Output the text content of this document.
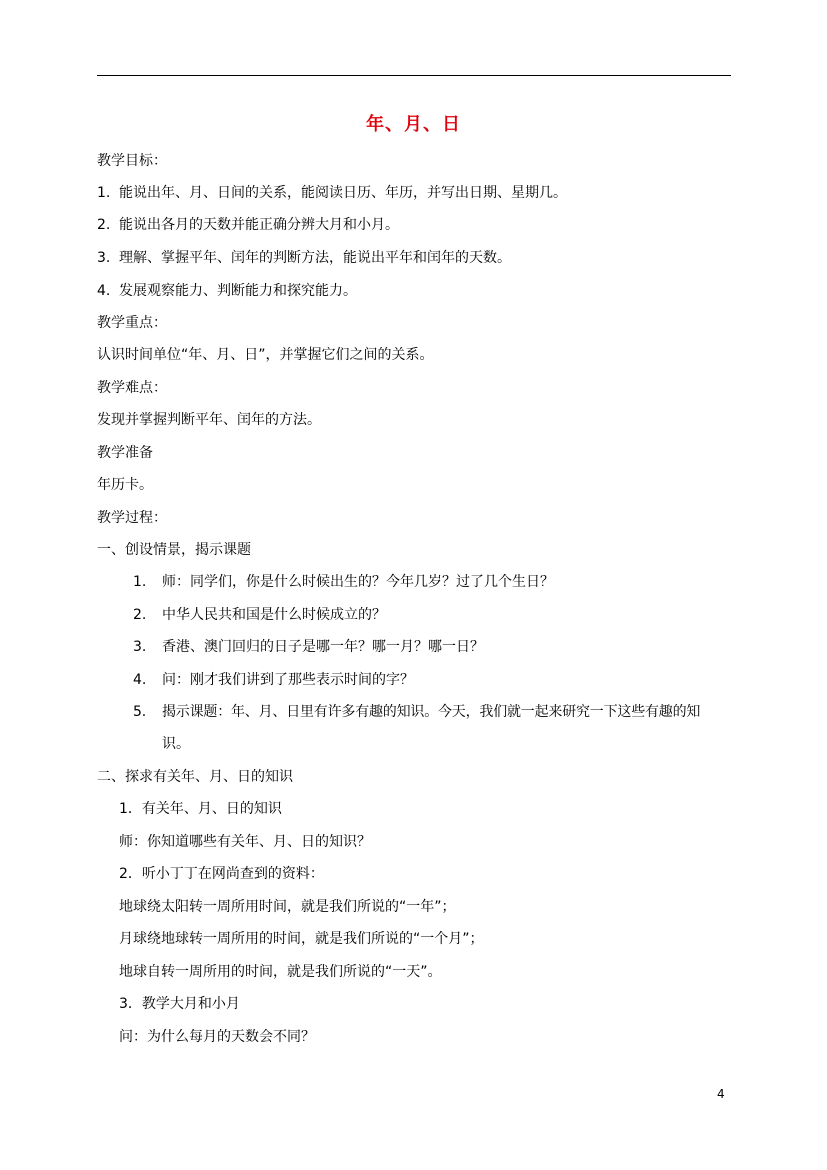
年、月、日
教学目标：
1. 能说出年、月、日间的关系，能阅读日历、年历，并写出日期、星期几。
2. 能说出各月的天数并能正确分辨大月和小月。
3. 理解、掌握平年、闰年的判断方法，能说出平年和闰年的天数。
4. 发展观察能力、判断能力和探究能力。
教学重点：
认识时间单位“年、月、日”，并掌握它们之间的关系。
教学难点：
发现并掌握判断平年、闰年的方法。
教学准备
年历卡。
教学过程：
一、创设情景，揭示课题
1. 师：同学们，你是什么时候出生的？今年几岁？过了几个生日？
2. 中华人民共和国是什么时候成立的？
3. 香港、澳门回归的日子是哪一年？哪一月？哪一日？
4. 问：刚才我们讲到了那些表示时间的字？
5. 揭示课题：年、月、日里有许多有趣的知识。今天，我们就一起来研究一下这些有趣的知
识。
二、探求有关年、月、日的知识
1．有关年、月、日的知识
师：你知道哪些有关年、月、日的知识？
2．听小丁丁在网尚查到的资料：
地球绕太阳转一周所用时间，就是我们所说的“一年”；
月球绕地球转一周所用的时间，就是我们所说的“一个月”；
地球自转一周所用的时间，就是我们所说的“一天”。
3．教学大月和小月
问：为什么每月的天数会不同？
4
